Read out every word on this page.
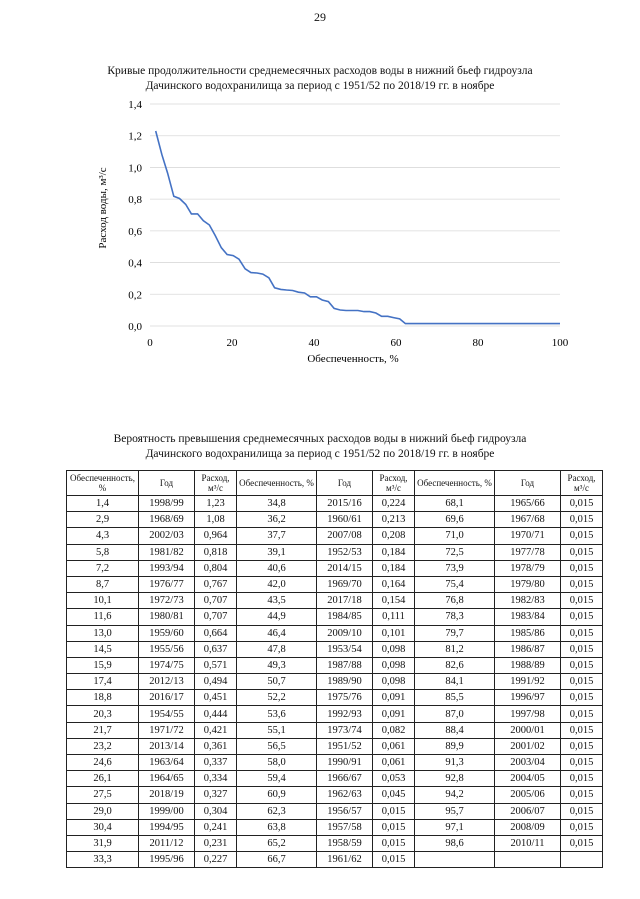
29
Кривые продолжительности среднемесячных расходов воды в нижний бьеф гидроузла
Дачинского водохранилища за период с 1951/52 по 2018/19 гг. в ноябре
0,0
0,2
0,4
0,6
0,8
1,0
1,2
1,4
0	20	40	60	80	100
Расход воды, м³/с
Обеспеченность, %
Вероятность превышения среднемесячных расходов воды в нижний бьеф гидроузла
Дачинского водохранилища за период с 1951/52 по 2018/19 гг. в ноябре
Обеспеченность, %	Год	Расход, м³/с	Обеспеченность, %	Год	Расход, м³/с	Обеспеченность, %	Год	Расход, м³/с
1,4	1998/99	1,23	34,8	2015/16	0,224	68,1	1965/66	0,015
2,9	1968/69	1,08	36,2	1960/61	0,213	69,6	1967/68	0,015
4,3	2002/03	0,964	37,7	2007/08	0,208	71,0	1970/71	0,015
5,8	1981/82	0,818	39,1	1952/53	0,184	72,5	1977/78	0,015
7,2	1993/94	0,804	40,6	2014/15	0,184	73,9	1978/79	0,015
8,7	1976/77	0,767	42,0	1969/70	0,164	75,4	1979/80	0,015
10,1	1972/73	0,707	43,5	2017/18	0,154	76,8	1982/83	0,015
11,6	1980/81	0,707	44,9	1984/85	0,111	78,3	1983/84	0,015
13,0	1959/60	0,664	46,4	2009/10	0,101	79,7	1985/86	0,015
14,5	1955/56	0,637	47,8	1953/54	0,098	81,2	1986/87	0,015
15,9	1974/75	0,571	49,3	1987/88	0,098	82,6	1988/89	0,015
17,4	2012/13	0,494	50,7	1989/90	0,098	84,1	1991/92	0,015
18,8	2016/17	0,451	52,2	1975/76	0,091	85,5	1996/97	0,015
20,3	1954/55	0,444	53,6	1992/93	0,091	87,0	1997/98	0,015
21,7	1971/72	0,421	55,1	1973/74	0,082	88,4	2000/01	0,015
23,2	2013/14	0,361	56,5	1951/52	0,061	89,9	2001/02	0,015
24,6	1963/64	0,337	58,0	1990/91	0,061	91,3	2003/04	0,015
26,1	1964/65	0,334	59,4	1966/67	0,053	92,8	2004/05	0,015
27,5	2018/19	0,327	60,9	1962/63	0,045	94,2	2005/06	0,015
29,0	1999/00	0,304	62,3	1956/57	0,015	95,7	2006/07	0,015
30,4	1994/95	0,241	63,8	1957/58	0,015	97,1	2008/09	0,015
31,9	2011/12	0,231	65,2	1958/59	0,015	98,6	2010/11	0,015
33,3	1995/96	0,227	66,7	1961/62	0,015			
